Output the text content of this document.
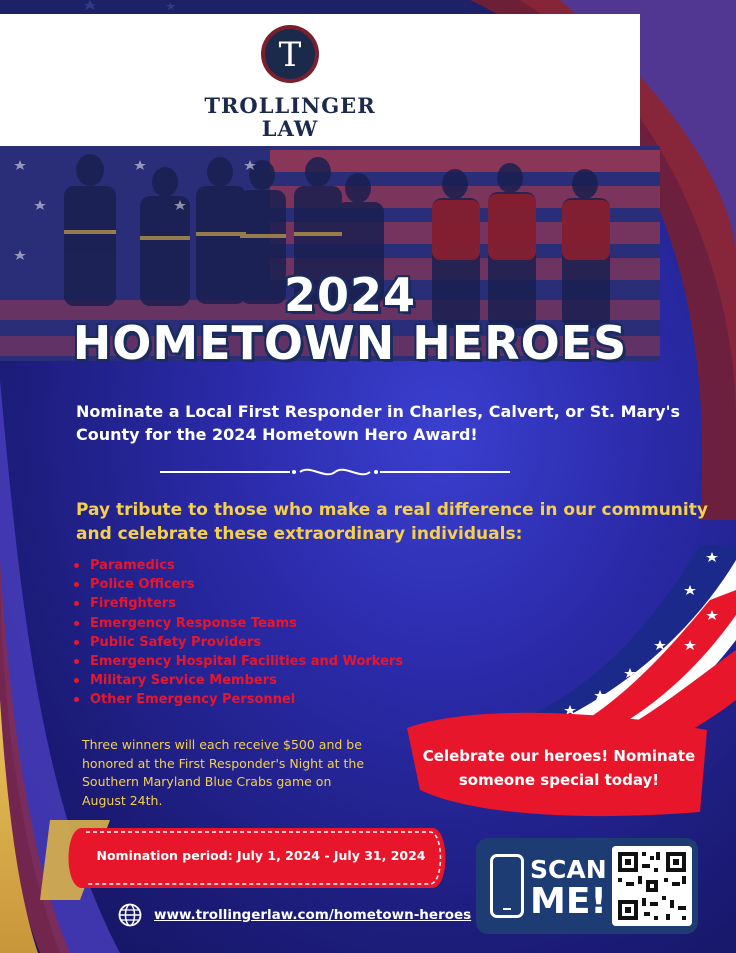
T
TROLLINGER
LAW
2024
HOMETOWN HEROES
Nominate a Local First Responder in Charles, Calvert, or St. Mary's County for the 2024 Hometown Hero Award!
Pay tribute to those who make a real difference in our community and celebrate these extraordinary individuals:
Paramedics
Police Officers
Firefighters
Emergency Response Teams
Public Safety Providers
Emergency Hospital Facilities and Workers
Military Service Members
Other Emergency Personnel
Three winners will each receive $500 and be honored at the First Responder's Night at the Southern Maryland Blue Crabs game on August 24th.
Celebrate our heroes! Nominate someone special today!
Nomination period: July 1, 2024 - July 31, 2024
www.trollingerlaw.com/hometown-heroes
SCAN
ME!
